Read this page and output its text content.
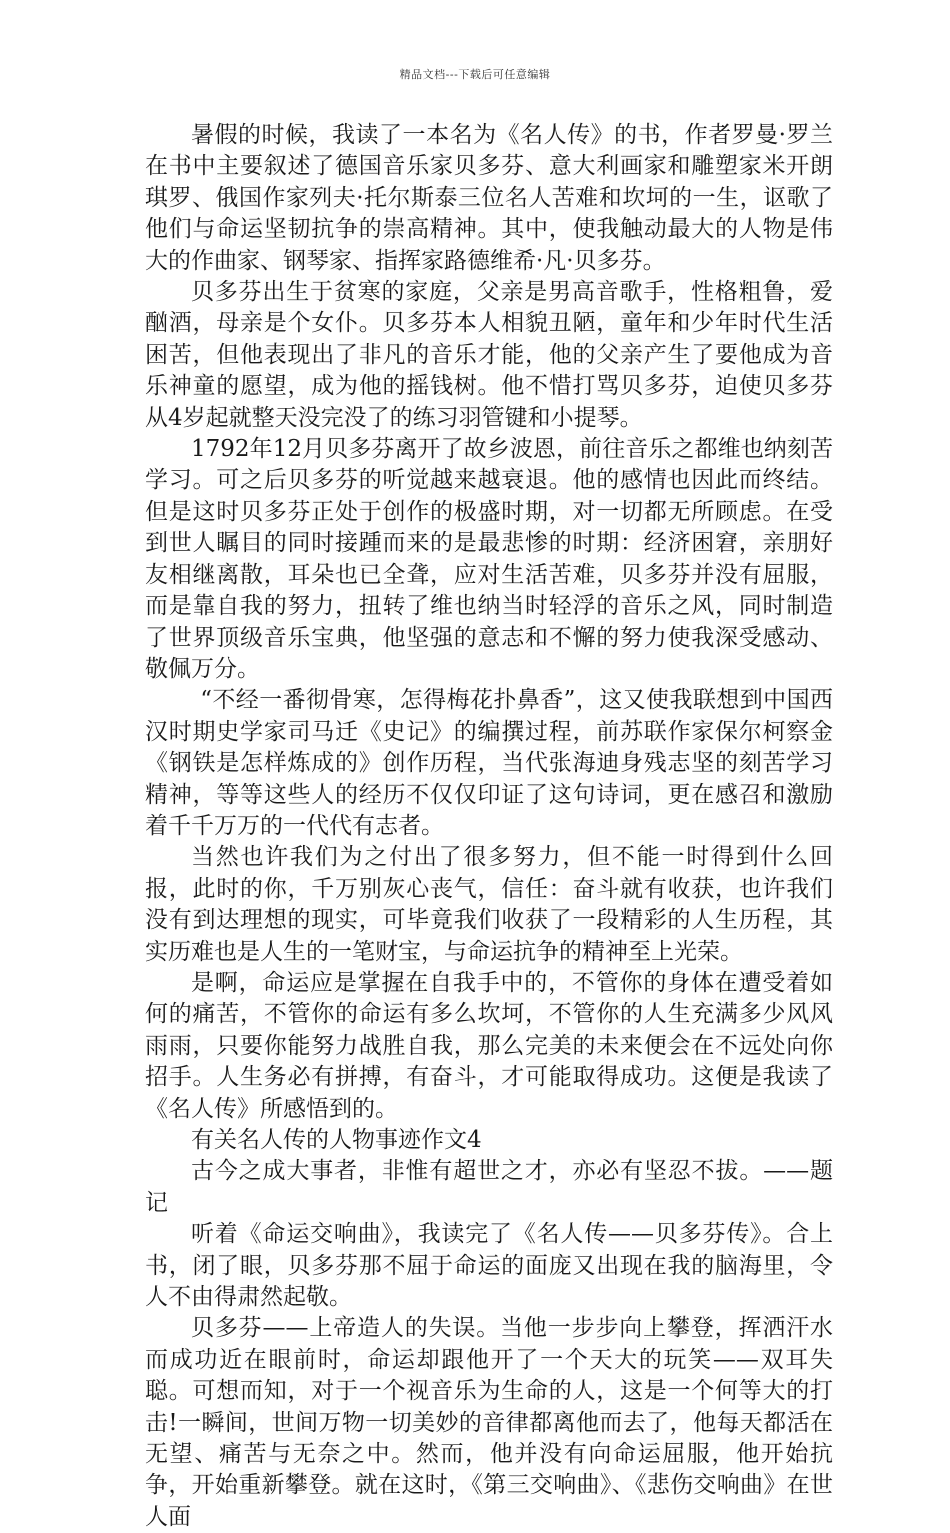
精品文档---下载后可任意编辑

暑假的时候，我读了一本名为《名人传》的书，作者罗曼·罗兰在书中主要叙述了德国音乐家贝多芬、意大利画家和雕塑家米开朗琪罗、俄国作家列夫·托尔斯泰三位名人苦难和坎坷的一生，讴歌了他们与命运坚韧抗争的崇高精神。其中，使我触动最大的人物是伟大的作曲家、钢琴家、指挥家路德维希·凡·贝多芬。

贝多芬出生于贫寒的家庭，父亲是男高音歌手，性格粗鲁，爱酗酒，母亲是个女仆。贝多芬本人相貌丑陋，童年和少年时代生活困苦，但他表现出了非凡的音乐才能，他的父亲产生了要他成为音乐神童的愿望，成为他的摇钱树。他不惜打骂贝多芬，迫使贝多芬从4岁起就整天没完没了的练习羽管键和小提琴。

1792年12月贝多芬离开了故乡波恩，前往音乐之都维也纳刻苦学习。可之后贝多芬的听觉越来越衰退。他的感情也因此而终结。但是这时贝多芬正处于创作的极盛时期，对一切都无所顾虑。在受到世人瞩目的同时接踵而来的是最悲惨的时期：经济困窘，亲朋好友相继离散，耳朵也已全聋，应对生活苦难，贝多芬并没有屈服，而是靠自我的努力，扭转了维也纳当时轻浮的音乐之风，同时制造了世界顶级音乐宝典，他坚强的意志和不懈的努力使我深受感动、敬佩万分。

“不经一番彻骨寒，怎得梅花扑鼻香”，这又使我联想到中国西汉时期史学家司马迁《史记》的编撰过程，前苏联作家保尔柯察金《钢铁是怎样炼成的》创作历程，当代张海迪身残志坚的刻苦学习精神，等等这些人的经历不仅仅印证了这句诗词，更在感召和激励着千千万万的一代代有志者。

当然也许我们为之付出了很多努力，但不能一时得到什么回报，此时的你，千万别灰心丧气，信任：奋斗就有收获，也许我们没有到达理想的现实，可毕竟我们收获了一段精彩的人生历程，其实历难也是人生的一笔财宝，与命运抗争的精神至上光荣。

是啊，命运应是掌握在自我手中的，不管你的身体在遭受着如何的痛苦，不管你的命运有多么坎坷，不管你的人生充满多少风风雨雨，只要你能努力战胜自我，那么完美的未来便会在不远处向你招手。人生务必有拼搏，有奋斗，才可能取得成功。这便是我读了《名人传》所感悟到的。

有关名人传的人物事迹作文4

古今之成大事者，非惟有超世之才，亦必有坚忍不拔。——题记

听着《命运交响曲》，我读完了《名人传——贝多芬传》。合上书，闭了眼，贝多芬那不屈于命运的面庞又出现在我的脑海里，令人不由得肃然起敬。

贝多芬——上帝造人的失误。当他一步步向上攀登，挥洒汗水而成功近在眼前时，命运却跟他开了一个天大的玩笑——双耳失聪。可想而知，对于一个视音乐为生命的人，这是一个何等大的打击!一瞬间，世间万物一切美妙的音律都离他而去了，他每天都活在无望、痛苦与无奈之中。然而，他并没有向命运屈服，他开始抗争，开始重新攀登。就在这时，《第三交响曲》、《悲伤交响曲》在世人面
